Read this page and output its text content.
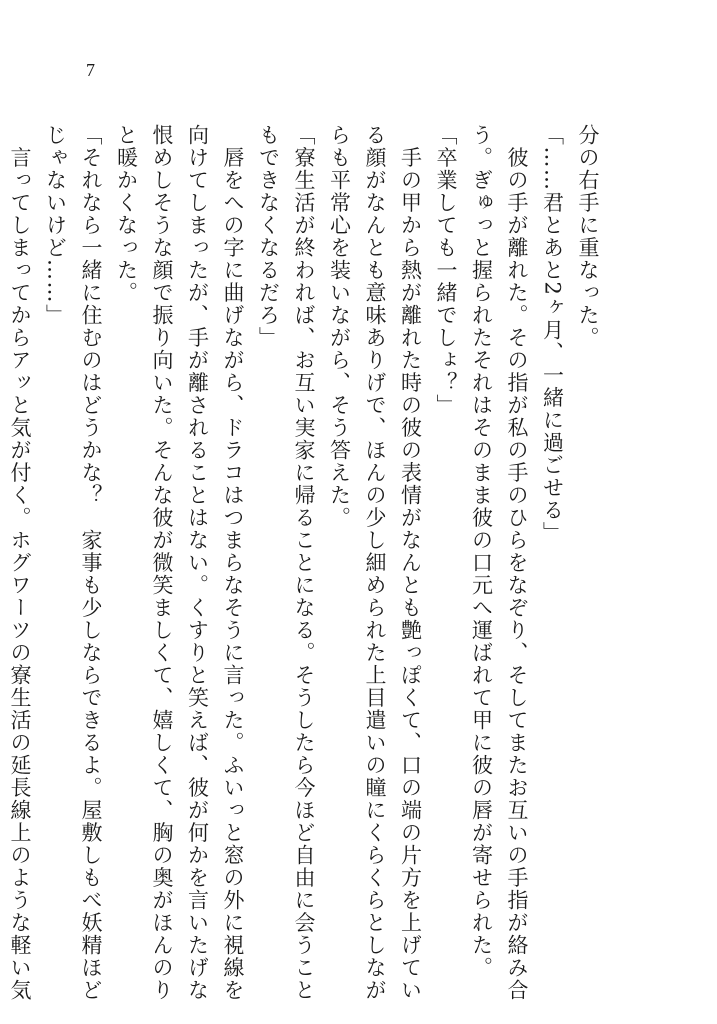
7

分の右手に重なった。

「……君とあと2ヶ月、一緒に過ごせる」

　彼の手が離れた。その指が私の手のひらをなぞり、そしてまたお互いの手指が絡み合

う。ぎゅっと握られたそれはそのまま彼の口元へ運ばれて甲に彼の唇が寄せられた。

「卒業しても一緒でしょ？」

　手の甲から熱が離れた時の彼の表情がなんとも艶っぽくて、口の端の片方を上げてい

る顔がなんとも意味ありげで、ほんの少し細められた上目遣いの瞳にくらくらとしなが

らも平常心を装いながら、そう答えた。

「寮生活が終われば、お互い実家に帰ることになる。そうしたら今ほど自由に会うこと

もできなくなるだろ」

　唇をへの字に曲げながら、ドラコはつまらなそうに言った。ふいっと窓の外に視線を

向けてしまったが、手が離されることはない。くすりと笑えば、彼が何かを言いたげな

恨めしそうな顔で振り向いた。そんな彼が微笑ましくて、嬉しくて、胸の奥がほんのり

と暖かくなった。

「それなら一緒に住むのはどうかな？　家事も少しならできるよ。屋敷しもべ妖精ほど

じゃないけど……」

　言ってしまってからアッと気が付く。ホグワーツの寮生活の延長線上のような軽い気
